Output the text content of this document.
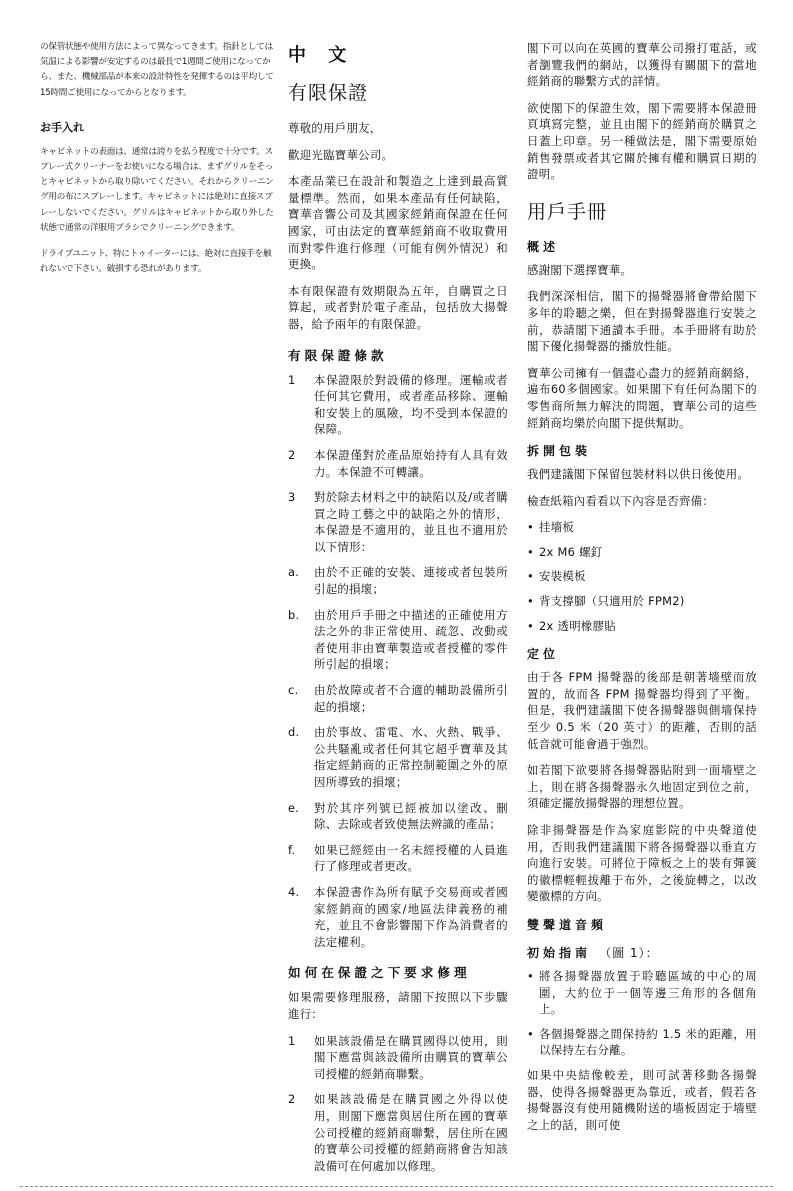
の保管状態や使用方法によって異なってきます。指針としては気温による影響が安定するのは最長で1週間ご使用になってから、また、機械部品が本来の設計特性を発揮するのは平均して15時間ご使用になってからとなります。

お手入れ

キャビネットの表面は、通常は誇りを払う程度で十分です。スプレー式クリーナーをお使いになる場合は、まずグリルをそっとキャビネットから取り除いてください。それからクリーニング用の布にスプレーします。キャビネットには絶対に直接スプレーしないでください。グリルはキャビネットから取り外した状態で通常の洋服用ブラシでクリーニングできます。

ドライブユニット、特にトゥイーターには、絶対に直接手を触れないで下さい。破損する恐れがあります。

中 文
有限保證

尊敬的用戶朋友，

歡迎光臨寶華公司。

本產品業已在設計和製造之上達到最高質量標準。然而，如果本產品有任何缺陷，寶華音響公司及其國家經銷商保證在任何國家，可由法定的寶華經銷商不收取費用而對零件進行修理（可能有例外情況）和更換。

本有限保證有效期限為五年，自購買之日算起，或者對於電子產品，包括放大揚聲器，給予兩年的有限保證。

有限保證條款
1 本保證限於對設備的修理。運輸或者任何其它費用，或者產品移除、運輸和安裝上的風險，均不受到本保證的保障。
2 本保證僅對於產品原始持有人具有效力。本保證不可轉讓。
3 對於除去材料之中的缺陷以及/或者購買之時工藝之中的缺陷之外的情形，本保證是不適用的，並且也不適用於以下情形：
a. 由於不正確的安裝、連接或者包裝所引起的損壞；
b. 由於用戶手冊之中描述的正確使用方法之外的非正常使用、疏忽、改動或者使用非由寶華製造或者授權的零件所引起的損壞；
c. 由於故障或者不合適的輔助設備所引起的損壞；
d. 由於事故、雷電、水、火熱、戰爭、公共騷亂或者任何其它超乎寶華及其指定經銷商的正常控制範圍之外的原因所導致的損壞；
e. 對於其序列號已經被加以塗改、刪除、去除或者致使無法辨識的產品；
f. 如果已經經由一名未經授權的人員進行了修理或者更改。
4. 本保證書作為所有賦予交易商或者國家經銷商的國家/地區法律義務的補充，並且不會影響閣下作為消費者的法定權利。
如何在保證之下要求修理

如果需要修理服務，請閣下按照以下步驟進行：

1 如果該設備是在購買國得以使用，則閣下應當與該設備所由購買的寶華公司授權的經銷商聯繫。
2 如果該設備是在購買國之外得以使用，則閣下應當與居住所在國的寶華公司授權的經銷商聯繫，居住所在國的寶華公司授權的經銷商將會告知該設備可在何處加以修理。

閣下可以向在英國的寶華公司撥打電話，或者瀏覽我們的網站，以獲得有關閣下的當地經銷商的聯繫方式的詳情。

欲使閣下的保證生效，閣下需要將本保證冊頁填寫完整，並且由閣下的經銷商於購買之日蓋上印章。另一種做法是，閣下需要原始銷售發票或者其它關於擁有權和購買日期的證明。

用戶手冊
概述

感謝閣下選擇寶華。

我們深深相信，閣下的揚聲器將會帶給閣下多年的聆聽之樂，但在對揚聲器進行安裝之前，恭請閣下通讀本手冊。本手冊將有助於閣下優化揚聲器的播放性能。

寶華公司擁有一個盡心盡力的經銷商網絡，遍布60多個國家。如果閣下有任何為閣下的零售商所無力解決的問題，寶華公司的這些經銷商均樂於向閣下提供幫助。

拆開包裝

我們建議閣下保留包裝材料以供日後使用。

檢查紙箱內看看以下內容是否齊備：

• 挂墻板
• 2x M6 螺釘
• 安裝模板
• 背支撐腳（只適用於 FPM2)
• 2x 透明橡膠貼
定位

由于各 FPM 揚聲器的後部是朝著墻壁而放置的，故而各 FPM 揚聲器均得到了平衡。但是，我們建議閣下使各揚聲器與側墻保持至少 0.5 米（20 英寸）的距離，否則的話低音就可能會過于強烈。

如若閣下欲要將各揚聲器貼附到一面墻壁之上，則在將各揚聲器永久地固定到位之前，須確定擺放揚聲器的理想位置。

除非揚聲器是作為家庭影院的中央聲道使用，否則我們建議閣下將各揚聲器以垂直方向進行安裝。可將位于障板之上的裝有彈簧的徽標輕輕拔離于布外，之後旋轉之，以改變徽標的方向。

雙聲道音頻
初始指南 （圖 1）：
• 將各揚聲器放置于聆聽區域的中心的周圍，大約位于一個等邊三角形的各個角上。
• 各個揚聲器之間保持約 1.5 米的距離，用以保持左右分離。

如果中央結像較差，則可試著移動各揚聲器，使得各揚聲器更為靠近，或者，假若各揚聲器沒有使用隨機附送的墻板固定于墻壁之上的話，則可使
